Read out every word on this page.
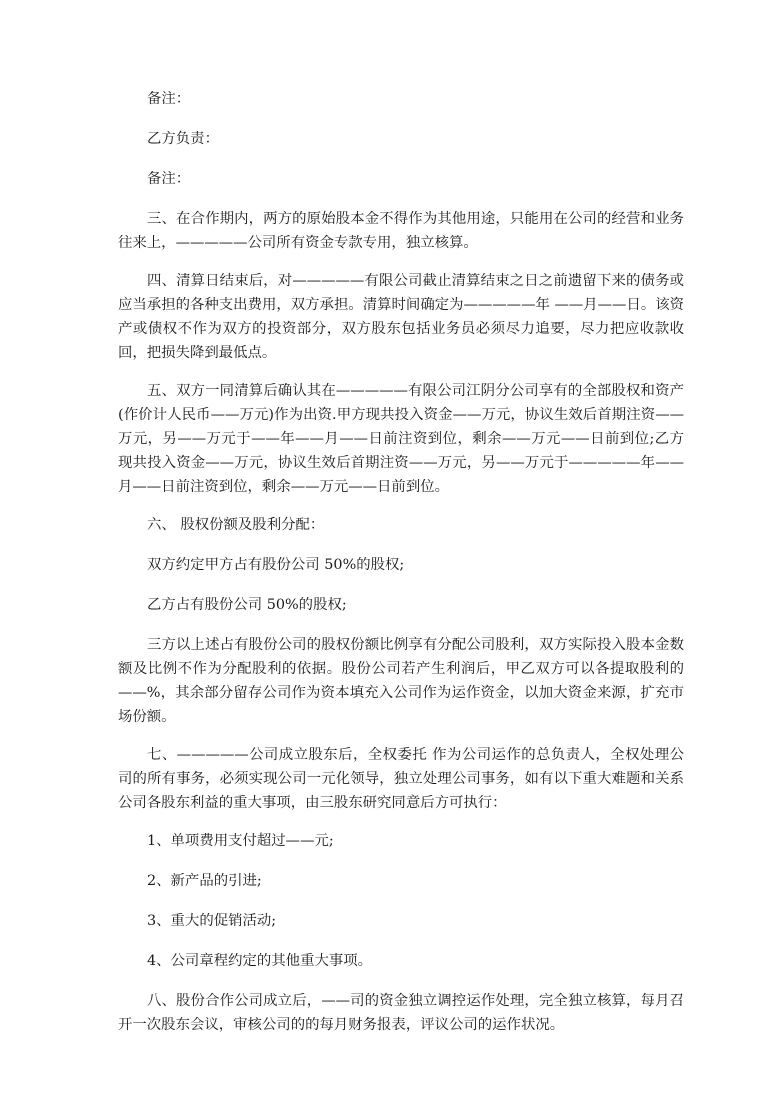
备注：

乙方负责：

备注：

三、在合作期内，两方的原始股本金不得作为其他用途，只能用在公司的经营和业务往来上，—————公司所有资金专款专用，独立核算。

四、清算日结束后，对—————有限公司截止清算结束之日之前遗留下来的债务或应当承担的各种支出费用，双方承担。清算时间确定为—————年 ——月——日。该资产或债权不作为双方的投资部分，双方股东包括业务员必须尽力追要，尽力把应收款收回，把损失降到最低点。

五、双方一同清算后确认其在—————有限公司江阴分公司享有的全部股权和资产(作价计人民币——万元)作为出资.甲方现共投入资金——万元，协议生效后首期注资——万元，另——万元于——年——月——日前注资到位，剩余——万元——日前到位;乙方现共投入资金——万元，协议生效后首期注资——万元，另——万元于—————年——月——日前注资到位，剩余——万元——日前到位。

六、 股权份额及股利分配：

双方约定甲方占有股份公司 50%的股权;

乙方占有股份公司 50%的股权;

三方以上述占有股份公司的股权份额比例享有分配公司股利，双方实际投入股本金数额及比例不作为分配股利的依据。股份公司若产生利润后，甲乙双方可以各提取股利的——%，其余部分留存公司作为资本填充入公司作为运作资金，以加大资金来源，扩充市场份额。

七、—————公司成立股东后，全权委托 作为公司运作的总负责人，全权处理公司的所有事务，必须实现公司一元化领导，独立处理公司事务，如有以下重大难题和关系公司各股东利益的重大事项，由三股东研究同意后方可执行：

1、单项费用支付超过——元;

2、新产品的引进;

3、重大的促销活动;

4、公司章程约定的其他重大事项。

八、股份合作公司成立后，——司的资金独立调控运作处理，完全独立核算，每月召开一次股东会议，审核公司的的每月财务报表，评议公司的运作状况。
